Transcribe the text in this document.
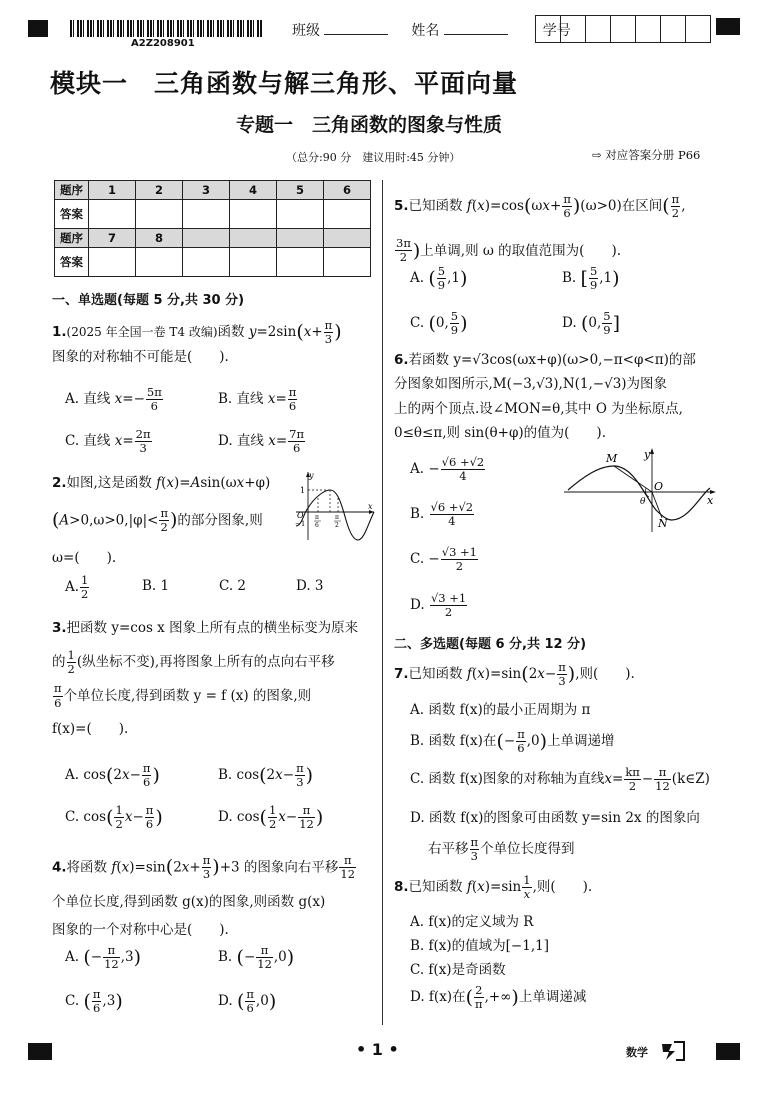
A2Z208901
班级	姓名	学号
模块一　三角函数与解三角形、平面向量
专题一　三角函数的图象与性质
（总分:90 分　建议用时:45 分钟）	⇨ 对应答案分册 P66
题序	1	2	3	4	5	6
答案						
题序	7	8				
答案						
一、单选题(每题 5 分,共 30 分)
1.(2025 年全国一卷 T4 改编)函数 $y=2\sin(x+ \frac{\pi}{3}$ )
图象的对称轴不可能是(　　).
A. 直线 $x=- \frac{5\pi}{6}$	B. 直线 $x= \frac{\pi}{6}$
C. 直线 $x= \frac{2\pi}{3}$	D. 直线 $x= \frac{7\pi}{6}$
2.如图,这是函数 f(x)=Asin(ωx+φ)
($A>0,\omega>0,|\varphi|< \frac{\pi}{2}$ )的部分图象,则
ω=(　　).
y
x
1
O
−1
π
6
π
2
A. $\frac{1}{2}$	B. 1	C. 2	D. 3
3.把函数 y=cos x 图象上所有点的横坐标变为原来
的 $\frac{1}{2}$ (纵坐标不变),再将图象上所有的点向右平移

$\frac{\pi}{6}$ 个单位长度,得到函数 y = f (x) 的图象,则
f(x)=(　　).
A. $\cos(2x- \frac{\pi}{6}$ )	B. $\cos(2x- \frac{\pi}{3}$ )
C. $\cos( \frac{1}{2} x- \frac{\pi}{6}$ )	D. $\cos( \frac{1}{2} x- \frac{\pi}{12}$ )
4.将函数 $f(x)=\sin(2x+ \frac{\pi}{3} )+3$ 的图象向右平移 $\frac{\pi}{12}$

个单位长度,得到函数 g(x)的图象,则函数 g(x)
图象的一个对称中心是(　　).
A. (− $\frac{\pi}{12} ,3$)	B. (− $\frac{\pi}{12} ,0$)
C. ( $\frac{\pi}{6} ,3$)	D. ( $\frac{\pi}{6} ,0$)
5.已知函数 $f(x)=\cos(\omega x+ \frac{\pi}{6} )(\omega>0)$在区间( $\frac{\pi}{2}$ ,

$\frac{3\pi}{2}$ )上单调,则 ω 的取值范围为(　　).
A. ( $\frac{5}{9} ,1$)	B. [ $\frac{5}{9} ,1$)
C. (0, $\frac{5}{9}$ )	D. (0, $\frac{5}{9}$ ]
6.若函数 y=√3cos(ωx+φ)(ω>0,−π<φ<π)的部
分图象如图所示,M(−3,√3),N(1,−√3)为图象
上的两个顶点.设∠MON=θ,其中 O 为坐标原点,
0≤θ≤π,则 sin(θ+φ)的值为(　　).
A. − $\frac{√6 +√2}{4}$
B. $\frac{√6 +√2}{4}$
C. − $\frac{√3 +1}{2}$
D. $\frac{√3 +1}{2}$
M
O
N
θ	x
y
二、多选题(每题 6 分,共 12 分)
7.已知函数 $f(x)=\sin(2x- \frac{\pi}{3}$ ),则(　　).
A. 函数 f(x)的最小正周期为 π
B. 函数 f(x)在(− $\frac{\pi}{6} ,0$)上单调递增
C. 函数 f(x)图象的对称轴为直线$x= \frac{k\pi}{2} - \frac{\pi}{12}$ (k∈Z)
D. 函数 f(x)的图象可由函数 y=sin 2x 的图象向
右平移 $\frac{\pi}{3}$ 个单位长度得到
8.已知函数 $f(x)=\sin \frac{1}{x}$ ,则(　　).
A. f(x)的定义域为 R
B. f(x)的值域为[−1,1]
C. f(x)是奇函数
D. f(x)在( $\frac{2}{\pi}$ ,+∞)上单调递减
• 1 •	数学
